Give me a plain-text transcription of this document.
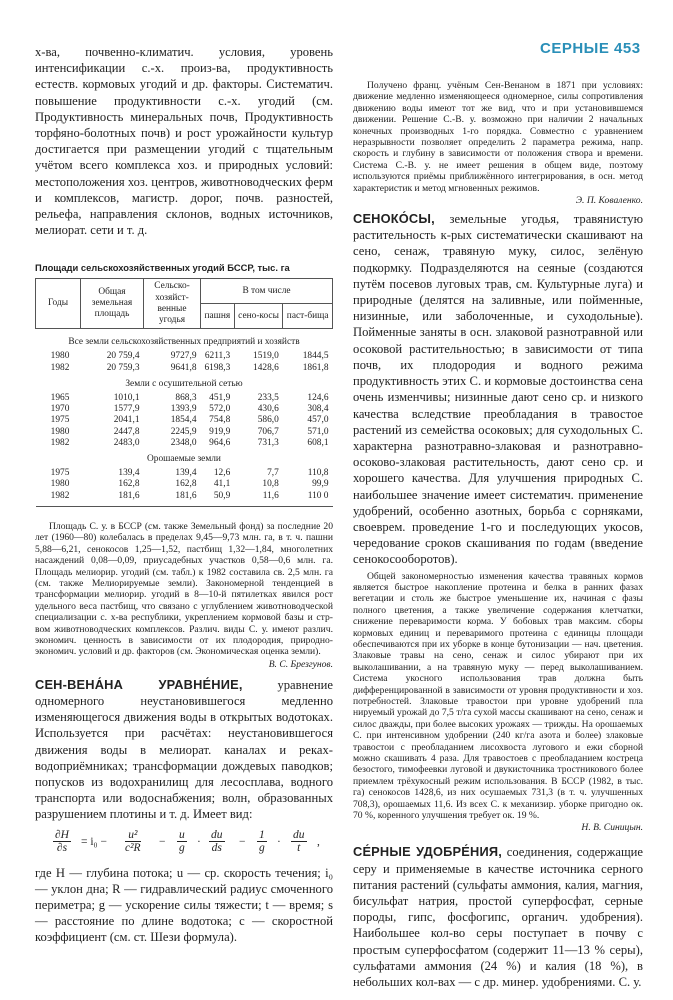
СЕРНЫЕ 453

х-ва, почвенно-климатич. условия, уровень интенсификации с.-х. произ-ва, продуктивность естеств. кормовых угодий и др. факторы. Систематич. повышение продуктивности с.-х. угодий (см. Продуктивность минеральных почв, Продуктивность торфяно-болотных почв) и рост урожайности культур достигается при размещении угодий с тщательным учётом всего комплекса хоз. и природных условий: местоположения хоз. центров, животноводческих ферм и комплексов, магистр. дорог, почв. разностей, рельефа, направления склонов, водных источников, мелиорат. сети и т. д.

Площади сельскохозяйственных угодий БССР, тыс. га
Годы	Общая земельная площадь	Сельско-хозяйст-венные угодья	В том числе		
			пашня	сено-косы	паст-бища
Все земли сельскохозяйственных предприятий и хозяйств					
1980	20 759,4	9727,9	6211,3	1519,0	1844,5
1982	20 759,3	9641,8	6198,3	1428,6	1861,8
Земли с осушительной сетью					
1965	1010,1	868,3	451,9	233,5	124,6
1970	1577,9	1393,9	572,0	430,6	308,4
1975	2041,1	1854,4	754,8	586,0	457,0
1980	2447,8	2245,9	919,9	706,7	571,0
1982	2483,0	2348,0	964,6	731,3	608,1
Орошаемые земли					
1975	139,4	139,4	12,6	7,7	110,8
1980	162,8	162,8	41,1	10,8	99,9
1982	181,6	181,6	50,9	11,6	110 0

Площадь С. у. в БССР (см. также Земельный фонд) за последние 20 лет (1960—80) колебалась в пределах 9,45—9,73 млн. га, в т. ч. пашни 5,88—6,21, сенокосов 1,25—1,52, пастбищ 1,32—1,84, многолетних насаждений 0,08—0,09, приусадебных участков 0,58—0,6 млн. га. Площадь мелиорир. угодий (см. табл.) к 1982 составила св. 2,5 млн. га (см. также Мелиорируемые земли). Закономерной тенденцией в трансформации мелиорир. угодий в 8—10-й пятилетках явился рост удельного веса пастбищ, что связано с углублением животноводческой специализации с. х-ва республики, укреплением кормовой базы и стр-вом животноводческих комплексов. Различ. виды С. у. имеют различ. экономич. ценность в зависимости от их плодородия, природно-экономич. условий и др. факторов (см. Экономическая оценка земли).

В. С. Брезгунов.

СЕН-ВЕНА́НА УРАВНЕ́НИЕ,	уравнение одномерного неустановившегося медленно изменяющегося движения воды в открытых водотоках. Используется при расчётах: неустановившегося движения воды в мелиорат. каналах и реках-водоприёмниках; трансформации дождевых паводков; попусков из водохранилищ для лесосплава, водного транспорта или водоснабжения; волн, образованных разрушением плотины и т. д. Имеет вид:

$\frac{\partial H}{\partial s} = i_0 - \frac{\text{u²}}{\text{c²R}} - \frac{u}{g} \cdot \frac{du}{ds} - \frac{1}{g} \cdot \frac{du}{t}$ ,

где H — глубина потока; u — ср. скорость течения; i₀ — уклон дна; R — гидравлический радиус смоченного периметра; g — ускорение силы тяжести; t — время; s — расстояние по длине водотока; c — скоростной коэффициент (см. ст. Шези формула).

Получено франц. учёным Сен-Венаном в 1871 при условиях: движение медленно изменяющееся одномерное, силы сопротивления движению воды имеют тот же вид, что и при установившемся движении. Решение С.-В. у. возможно при наличии 2 начальных конечных производных 1-го порядка. Совместно с уравнением неразрывности позволяет определить 2 параметра режима, напр. скорость и глубину в зависимости от положения створа и времени. Система С.-В. у. не имеет решения в общем виде, поэтому используются приёмы приближённого интегрирования, в осн. метод характеристик и метод мгновенных режимов.

Э. П. Коваленко.

СЕНОКО́СЫ, земельные угодья, травянистую растительность к-рых систематически скашивают на сено, сенаж, травяную муку, силос, зелёную подкормку. Подразделяются на сеяные (создаются путём посевов луговых трав, см. Культурные луга) и природные (делятся на заливные, или пойменные, низинные, или заболоченные, и суходольные). Пойменные заняты в осн. злаковой разнотравной или осоковой растительностью; в зависимости от типа почв, их плодородия и водного режима продуктивность этих С. и кормовые достоинства сена очень изменчивы; низинные дают сено ср. и низкого качества вследствие преобладания в травостое растений из семейства осоковых; для суходольных С. характерна разнотравно-злаковая и разнотравно-осоково-злаковая растительность, дают сено ср. и хорошего качества. Для улучшения природных С. наибольшее значение имеет систематич. применение удобрений, особенно азотных, борьба с сорняками, своеврем. проведение 1-го и последующих укосов, чередование сроков скашивания по годам (введение сенокосооборотов).

Общей закономерностью изменения качества травяных кормов является быстрое накопление протеина и белка в ранних фазах вегетации и столь же быстрое уменьшение их, начиная с фазы полного цветения, а также увеличение содержания клетчатки, снижение переваримости корма. У бобовых трав максим. сборы кормовых единиц и переваримого протеина с единицы площади обеспечиваются при их уборке в конце бутонизации — нач. цветения. Злаковые травы на сено, сенаж и силос убирают при их выколашивании, а на травяную муку — перед выколашиванием. Система укосного использования трав должна быть дифференцированной в зависимости от уровня продуктивности и хоз. потребностей. Злаковые травостои при уровне удобрений пла нируемый урожай до 7,5 т/га сухой массы скашивают на сено, сенаж и силос дважды, при более высоких урожаях — трижды. На орошаемых С. при интенсивном удобрении (240 кг/га азота и более) злаковые травостои с преобладанием лисохвоста лугового и ежи сборной можно скашивать 4 раза. Для травостоев с преобладанием кострeца безостого, тимофеевки луговой и двукисточника тростникового более приемлем трёхукосный режим использования. В БССР (1982, в тыс. га) сенокосов 1428,6, из них осушаемых 731,3 (в т. ч. улучшенных 708,3), орошаемых 11,6. Из всех С. к механизир. уборке пригодно ок. 70 %, коренного улучшения требует ок. 19 %.

Н. В. Синицын.

СЕ́РНЫЕ УДОБРЕ́НИЯ, соединения, содержащие серу и применяемые в качестве источника серного питания растений (сульфаты аммония, калия, магния, бисульфат натрия, простой суперфосфат, серные породы, гипс, фосфогипс, органич. удобрения). Наибольшее кол-во серы поступает в почву с простым суперфосфатом (содержит 11—13 % серы), сульфатами аммония (24 %) и калия (18 %), в небольших кол-вах — с др. минер. удобрениями. С. у.
